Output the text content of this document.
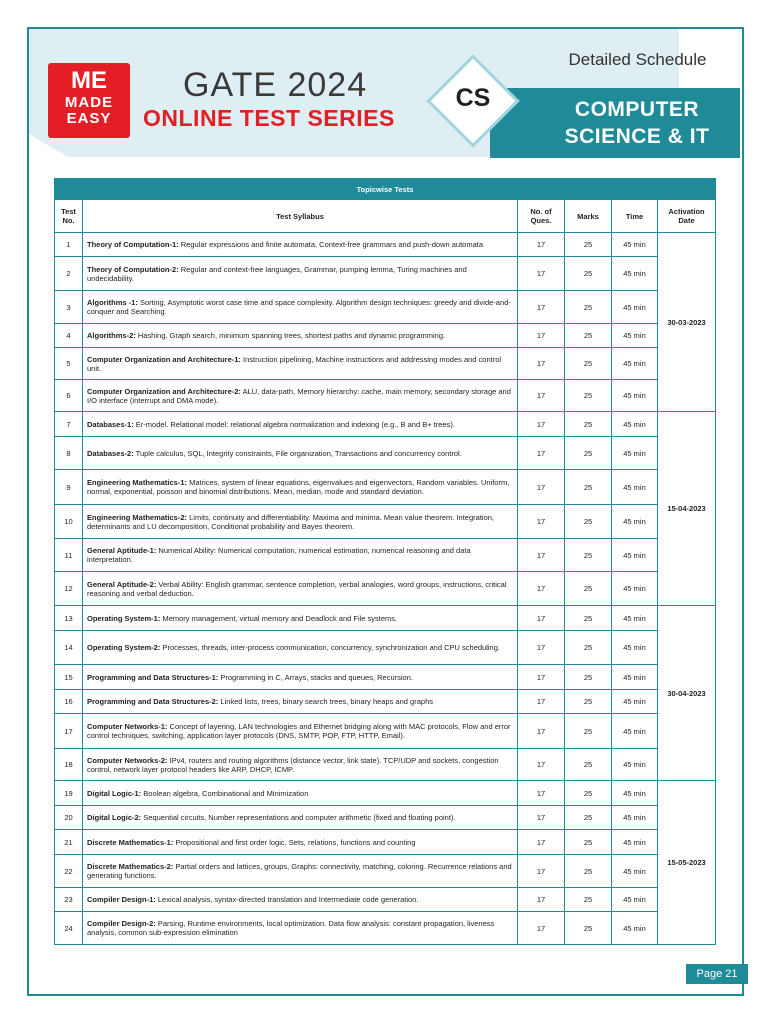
COMPUTER
SCIENCE & IT
Detailed Schedule
ME
MADE
EASY
GATE 2024
ONLINE TEST SERIES
CS
Topicwise Tests					
Test
No.	Test Syllabus	No. of
Ques.	Marks	Time	Activation
Date
1	Theory of Computation-1: Regular expressions and finite automata, Context-free grammars and push-down automata	17	25	45 min	30-03-2023
2	Theory of Computation-2: Regular and context-free languages, Grammar, pumping lemma, Turing machines and undecidability.	17	25	45 min	
3	Algorithms -1: Sorting, Asymptotic worst case time and space complexity. Algorithm design techniques: greedy and divide-and-conquer and Searching.	17	25	45 min	
4	Algorithms-2: Hashing, Graph search, minimum spanning trees, shortest paths and dynamic programming.	17	25	45 min	
5	Computer Organization and Architecture-1: Instruction pipelining, Machine instructions and addressing modes and control unit.	17	25	45 min	
6	Computer Organization and Architecture-2: ALU, data-path, Memory hierarchy: cache, main memory, secondary storage and I/O interface (interrupt and DMA mode).	17	25	45 min	
7	Databases-1: Er-model. Relational model: relational algebra normalization and indexing (e.g., B and B+ trees).	17	25	45 min	15-04-2023
8	Databases-2: Tuple calculus, SQL, Integrity constraints, File organization, Transactions and concurrency control.	17	25	45 min	
9	Engineering Mathematics-1: Matrices, system of linear equations, eigenvalues and eigenvectors, Random variables. Uniform, normal, exponential, poisson and binomial distributions. Mean, median, mode and standard deviation.	17	25	45 min	
10	Engineering Mathematics-2: Limits, continuity and differentiability. Maxima and minima. Mean value theorem. Integration, determinants and LU decomposition, Conditional probability and Bayes theorem.	17	25	45 min	
11	General Aptitude-1: Numerical Ability: Numerical computation, numerical estimation, numerical reasoning and data interpretation.	17	25	45 min	
12	General Aptitude-2: Verbal Ability: English grammar, sentence completion, verbal analogies, word groups, instructions, critical reasoning and verbal deduction.	17	25	45 min	
13	Operating System-1: Memory management, virtual memory and Deadlock and File systems.	17	25	45 min	30-04-2023
14	Operating System-2: Processes, threads, inter-process communication, concurrency, synchronization and CPU scheduling.	17	25	45 min	
15	Programming and Data Structures-1: Programming in C, Arrays, stacks and queues, Recursion.	17	25	45 min	
16	Programming and Data Structures-2: Linked lists, trees, binary search trees, binary heaps and graphs	17	25	45 min	
17	Computer Networks-1: Concept of layering, LAN technologies and Ethernet bridging along with MAC protocols, Flow and error control techniques, switching, application layer protocols (DNS, SMTP, POP, FTP, HTTP, Email).	17	25	45 min	
18	Computer Networks-2: IPv4, routers and routing algorithms (distance vector, link state). TCP/UDP and sockets, congestion control, network layer protocol headers like ARP, DHCP, ICMP.	17	25	45 min	
19	Digital Logic-1: Boolean algebra, Combinational and Minimization	17	25	45 min	15-05-2023
20	Digital Logic-2: Sequential circuits, Number representations and computer arithmetic (fixed and floating point).	17	25	45 min	
21	Discrete Mathematics-1: Propositional and first order logic. Sets, relations, functions and counting	17	25	45 min	
22	Discrete Mathematics-2: Partial orders and lattices, groups, Graphs: connectivity, matching, coloring. Recurrence relations and generating functions.	17	25	45 min	
23	Compiler Design-1: Lexical analysis, syntax-directed translation and Intermediate code generation.	17	25	45 min	
24	Compiler Design-2: Parsing, Runtime environments, local optimization. Data flow analysis: constant propagation, liveness analysis, common sub-expression elimination	17	25	45 min	
Page 21
